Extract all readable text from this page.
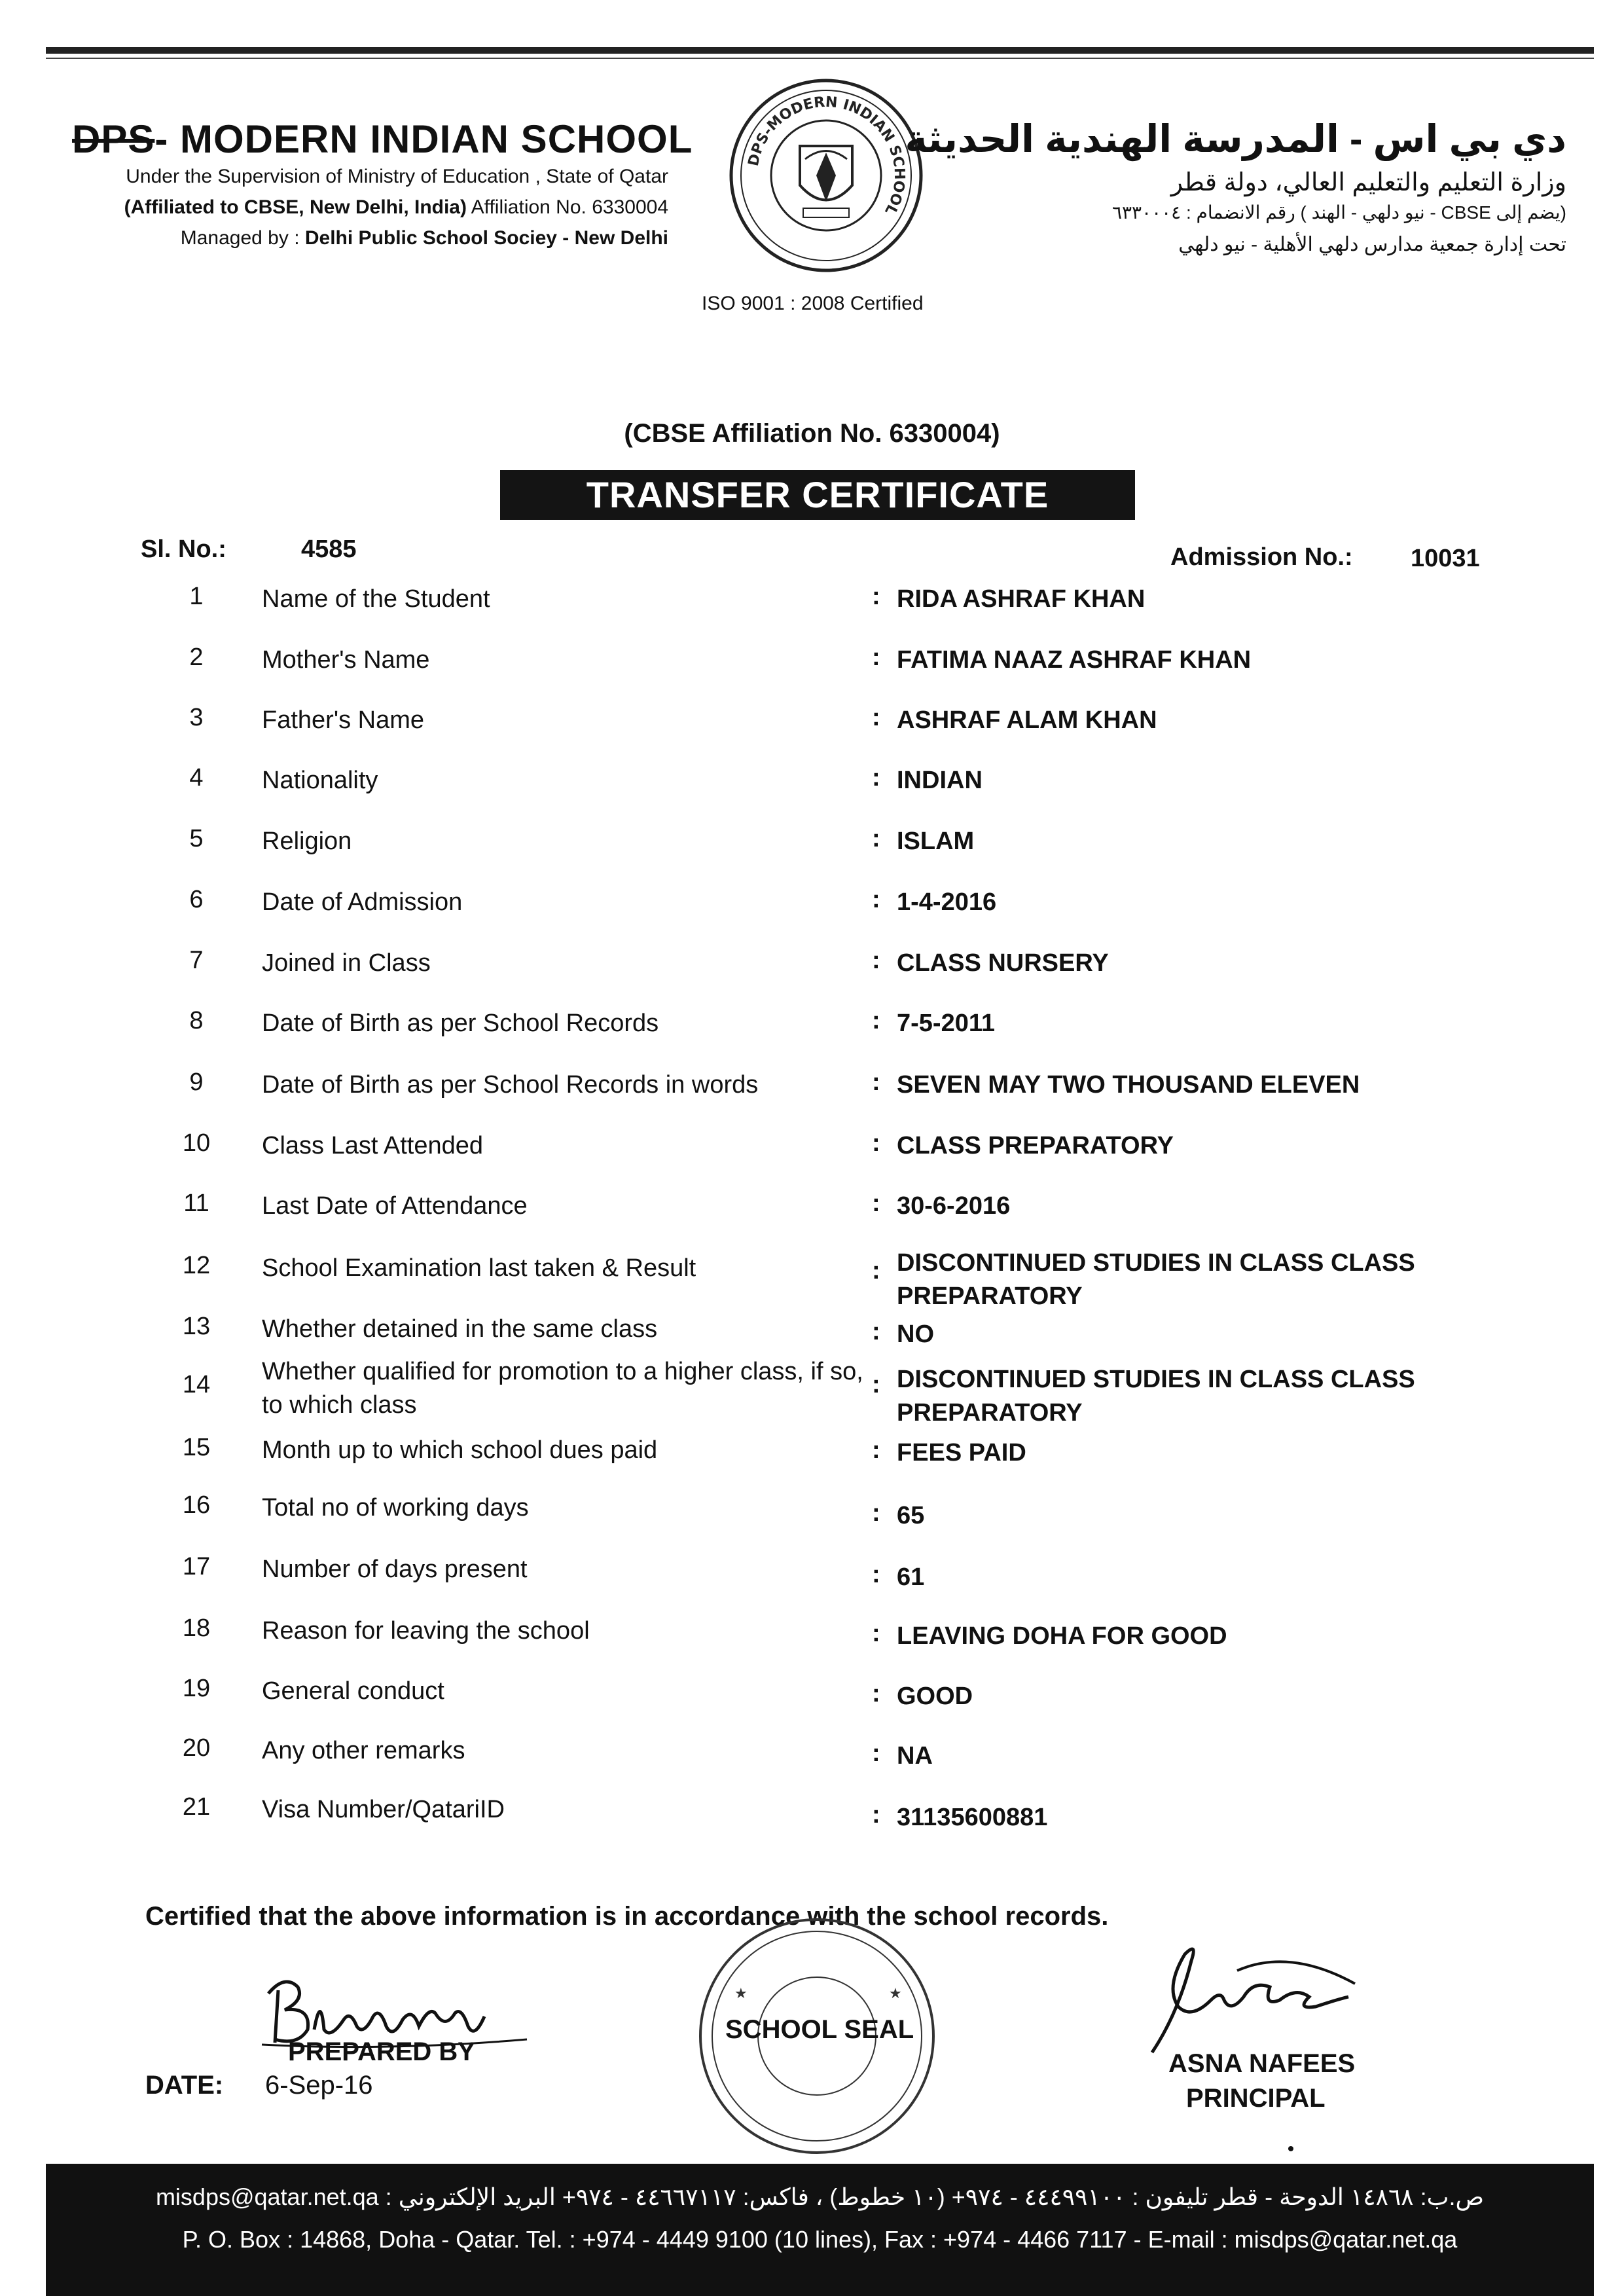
DPS- MODERN INDIAN SCHOOL
Under the Supervision of Ministry of Education , State of Qatar
(Affiliated to CBSE, New Delhi, India) Affiliation No. 6330004
Managed by : Delhi Public School Sociey - New Delhi
DPS-MODERN INDIAN SCHOOL
دي بي اس - المدرسة الهندية الحديثة
وزارة التعليم والتعليم العالي، دولة قطر
(يضم إلى CBSE - نيو دلهي - الهند ) رقم الانضمام : ٦٣٣٠٠٠٤
تحت إدارة جمعية مدارس دلهي الأهلية - نيو دلهي
ISO 9001 : 2008 Certified
(CBSE Affiliation No. 6330004)
TRANSFER CERTIFICATE
Sl. No.:	4585	Admission No.: 10031
1	Name of the Student	: RIDA ASHRAF KHAN
2	Mother's Name	: FATIMA NAAZ ASHRAF KHAN
3	Father's Name	: ASHRAF ALAM KHAN
4	Nationality	: INDIAN
5	Religion	: ISLAM
6	Date of Admission	: 1-4-2016
7	Joined in Class	: CLASS NURSERY
8	Date of Birth as per School Records	: 7-5-2011
9	Date of Birth as per School Records in words	: SEVEN MAY TWO THOUSAND ELEVEN
10 Class Last Attended	: CLASS PREPARATORY
11 Last Date of Attendance	: 30-6-2016
12 School Examination last taken & Result	: DISCONTINUED STUDIES IN CLASS CLASS PREPARATORY
13 Whether detained in the same class	: NO
14 Whether qualified for promotion to a higher class, if so, to which class
: DISCONTINUED STUDIES IN CLASS CLASS PREPARATORY
15 Month up to which school dues paid	: FEES PAID
16 Total no of working days	: 65
17 Number of days present	: 61
18 Reason for leaving the school	: LEAVING DOHA FOR GOOD
19 General conduct	: GOOD
20 Any other remarks	: NA
21 Visa Number/QatariID	: 31135600881
Certified that the above information is in accordance with the school records.
PREPARED BY
DATE: 6-Sep-16
★	★
SCHOOL SEAL
ASNA NAFEES
PRINCIPAL
misdps@qatar.net.qa : ص.ب: ١٤٨٦٨ الدوحة - قطر تليفون : ٤٤٤٩٩١٠٠ - ٩٧٤+ (١٠ خطوط) ، فاكس: ٤٤٦٦٧١١٧ - ٩٧٤+ البريد الإلكتروني
P. O. Box : 14868, Doha - Qatar. Tel. : +974 - 4449 9100 (10 lines), Fax : +974 - 4466 7117 - E-mail : misdps@qatar.net.qa
